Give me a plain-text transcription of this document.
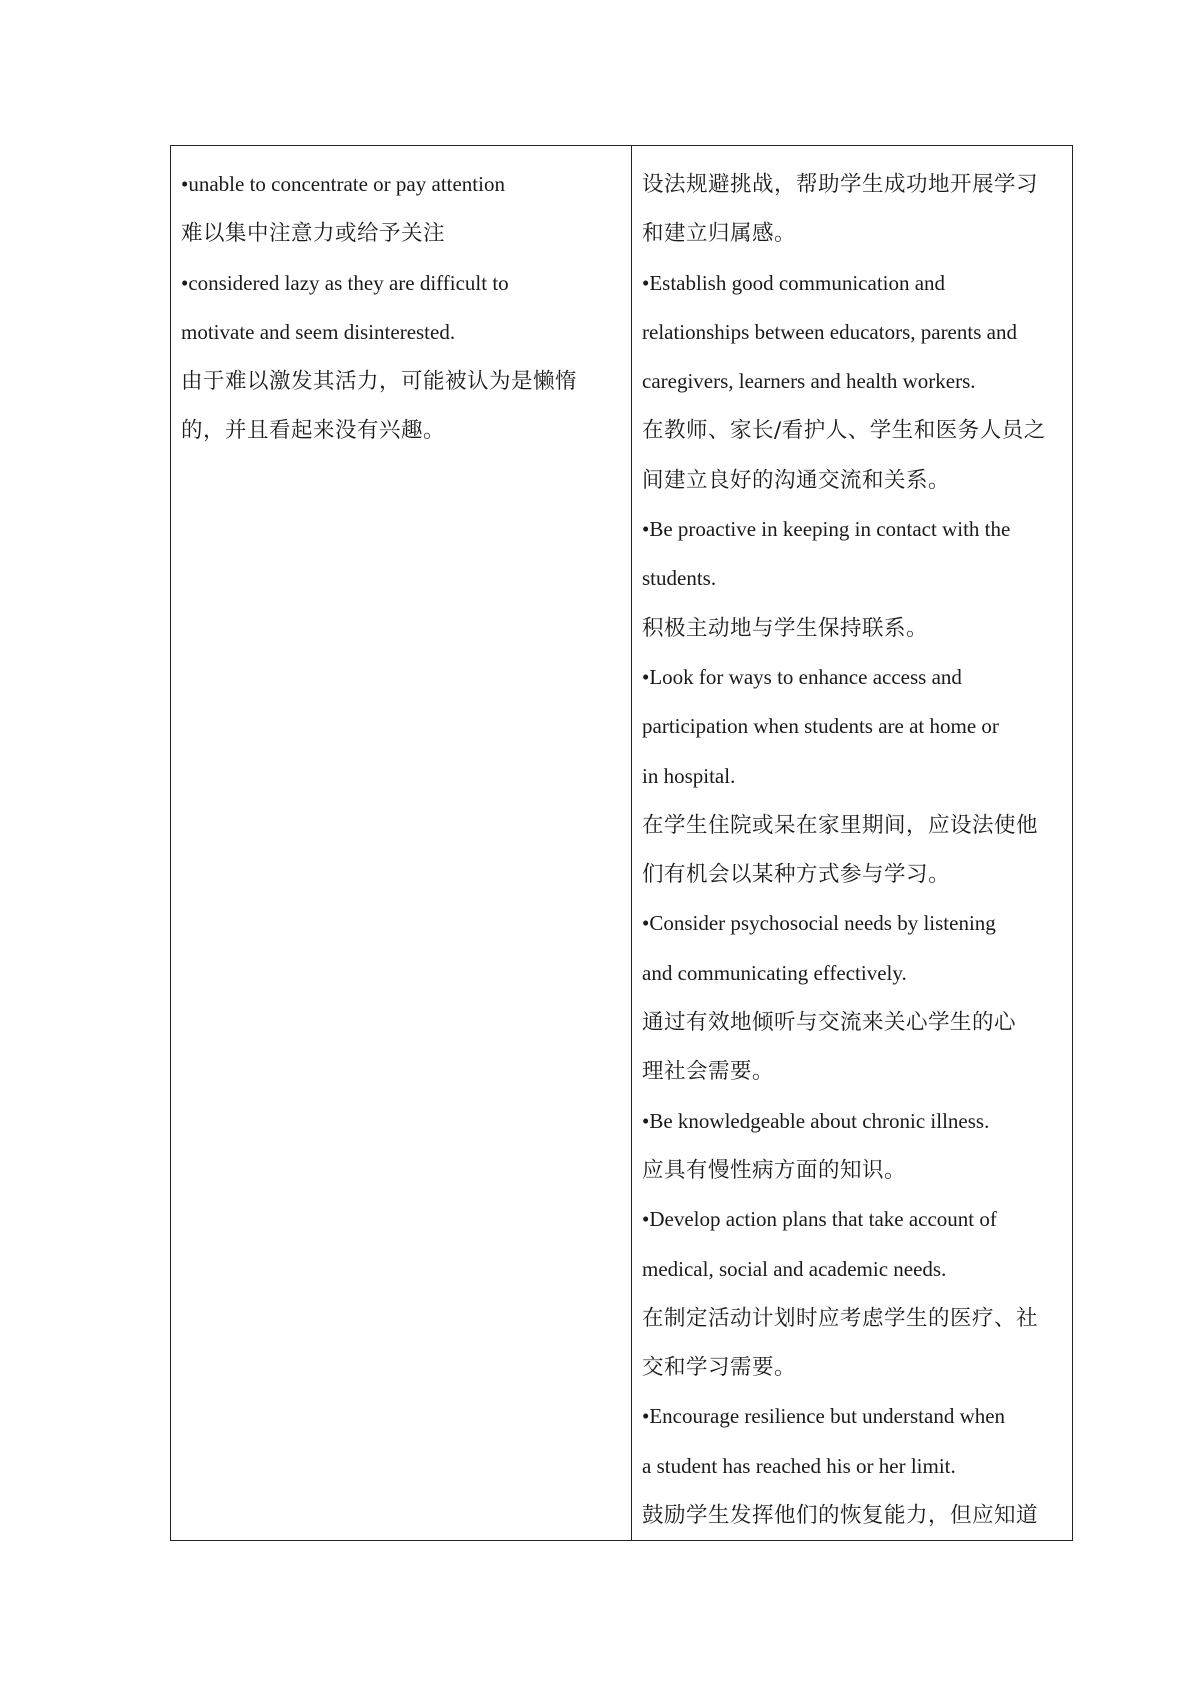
•unable to concentrate or pay attention
难以集中注意力或给予关注
•considered lazy as they are difficult to
motivate and seem disinterested.
由于难以激发其活力，可能被认为是懒惰
的，并且看起来没有兴趣。

设法规避挑战，帮助学生成功地开展学习
和建立归属感。
•Establish good communication and
relationships between educators, parents and
caregivers, learners and health workers.
在教师、家长/看护人、学生和医务人员之
间建立良好的沟通交流和关系。
•Be proactive in keeping in contact with the
students.
积极主动地与学生保持联系。
•Look for ways to enhance access and
participation when students are at home or
in hospital.
在学生住院或呆在家里期间，应设法使他
们有机会以某种方式参与学习。
•Consider psychosocial needs by listening
and communicating effectively.
通过有效地倾听与交流来关心学生的心
理社会需要。
•Be knowledgeable about chronic illness.
应具有慢性病方面的知识。
•Develop action plans that take account of
medical, social and academic needs.
在制定活动计划时应考虑学生的医疗、社
交和学习需要。
•Encourage resilience but understand when
a student has reached his or her limit.
鼓励学生发挥他们的恢复能力，但应知道
